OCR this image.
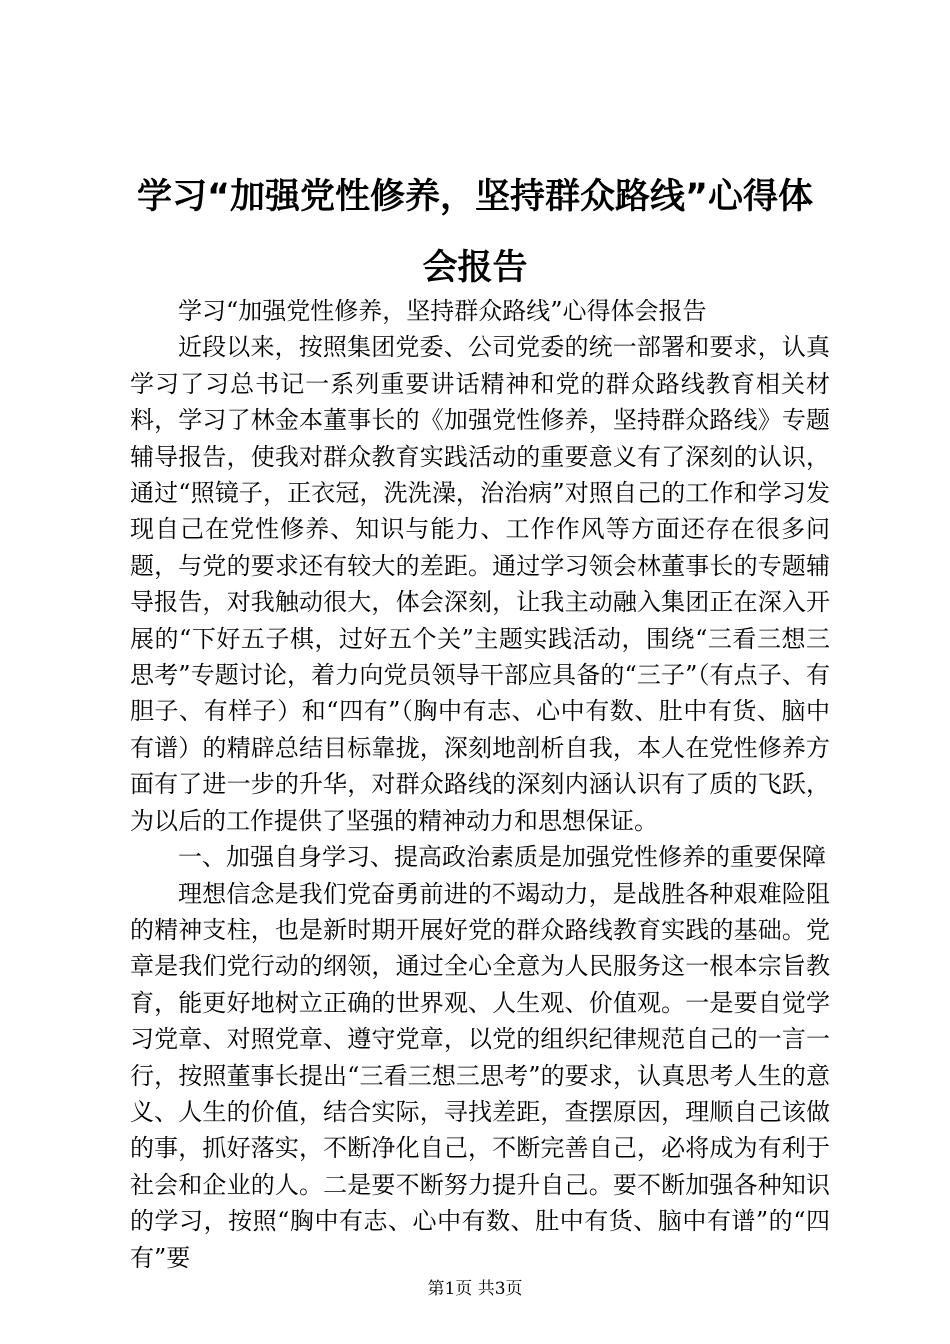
学习“加强党性修养，坚持群众路线”心得体会报告

学习“加强党性修养，坚持群众路线”心得体会报告

近段以来，按照集团党委、公司党委的统一部署和要求，认真学习了习总书记一系列重要讲话精神和党的群众路线教育相关材料，学习了林金本董事长的《加强党性修养，坚持群众路线》专题辅导报告，使我对群众教育实践活动的重要意义有了深刻的认识，通过“照镜子，正衣冠，洗洗澡，治治病”对照自己的工作和学习发现自己在党性修养、知识与能力、工作作风等方面还存在很多问题，与党的要求还有较大的差距。通过学习领会林董事长的专题辅导报告，对我触动很大，体会深刻，让我主动融入集团正在深入开展的“下好五子棋，过好五个关”主题实践活动，围绕“三看三想三思考”专题讨论，着力向党员领导干部应具备的“三子”（有点子、有胆子、有样子）和“四有”（胸中有志、心中有数、肚中有货、脑中有谱）的精辟总结目标靠拢，深刻地剖析自我，本人在党性修养方面有了进一步的升华，对群众路线的深刻内涵认识有了质的飞跃，为以后的工作提供了坚强的精神动力和思想保证。

一、加强自身学习、提高政治素质是加强党性修养的重要保障

理想信念是我们党奋勇前进的不竭动力，是战胜各种艰难险阻的精神支柱，也是新时期开展好党的群众路线教育实践的基础。党章是我们党行动的纲领，通过全心全意为人民服务这一根本宗旨教育，能更好地树立正确的世界观、人生观、价值观。一是要自觉学习党章、对照党章、遵守党章，以党的组织纪律规范自己的一言一行，按照董事长提出“三看三想三思考”的要求，认真思考人生的意义、人生的价值，结合实际，寻找差距，查摆原因，理顺自己该做的事，抓好落实，不断净化自己，不断完善自己，必将成为有利于社会和企业的人。二是要不断努力提升自己。要不断加强各种知识的学习，按照“胸中有志、心中有数、肚中有货、脑中有谱”的“四有”要

第1页 共3页
